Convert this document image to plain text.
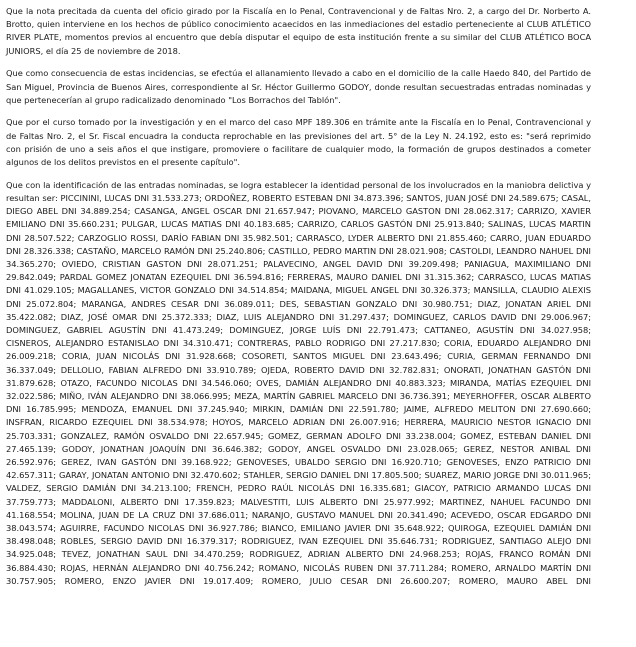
Que la nota precitada da cuenta del oficio girado por la Fiscalía en lo Penal, Contravencional y de Faltas Nro. 2, a cargo del Dr. Norberto A. Brotto, quien interviene en los hechos de público conocimiento acaecidos en las inmediaciones del estadio perteneciente al CLUB ATLÉTICO RIVER PLATE, momentos previos al encuentro que debía disputar el equipo de esta institución frente a su similar del CLUB ATLÉTICO BOCA JUNIORS, el día 25 de noviembre de 2018.

Que como consecuencia de estas incidencias, se efectúa el allanamiento llevado a cabo en el domicilio de la calle Haedo 840, del Partido de San Miguel, Provincia de Buenos Aires, correspondiente al Sr. Héctor Guillermo GODOY, donde resultan secuestradas entradas nominadas y que pertenecerían al grupo radicalizado denominado "Los Borrachos del Tablón".

Que por el curso tomado por la investigación y en el marco del caso MPF 189.306 en trámite ante la Fiscalía en lo Penal, Contravencional y de Faltas Nro. 2, el Sr. Fiscal encuadra la conducta reprochable en las previsiones del art. 5° de la Ley N. 24.192, esto es: "será reprimido con prisión de uno a seis años el que instigare, promoviere o facilitare de cualquier modo, la formación de grupos destinados a cometer algunos de los delitos previstos en el presente capítulo".

Que con la identificación de las entradas nominadas, se logra establecer la identidad personal de los involucrados en la maniobra delictiva y resultan ser: PICCININI, LUCAS DNI 31.533.273; ORDOÑEZ, ROBERTO ESTEBAN DNI 34.873.396; SANTOS, JUAN JOSÉ DNI 24.589.675; CASAL, DIEGO ABEL DNI 34.889.254; CASANGA, ANGEL OSCAR DNI 21.657.947; PIOVANO, MARCELO GASTON DNI 28.062.317; CARRIZO, XAVIER EMILIANO DNI 35.660.231; PULGAR, LUCAS MATIAS DNI 40.183.685; CARRIZO, CARLOS GASTÓN DNI 25.913.840; SALINAS, LUCAS MARTIN DNI 28.507.522; CARZOGLIO ROSSI, DARÍO FABIAN DNI 35.982.501; CARRASCO, LYDER ALBERTO DNI 21.855.460; CARRO, JUAN EDUARDO DNI 28.326.338; CASTAÑO, MARCELO RAMÓN DNI 25.240.806; CASTILLO, PEDRO MARTIN DNI 28.021.908; CASTOLDI, LEANDRO NAHUEL DNI 34.365.270; OVIEDO, CRISTIAN GASTON DNI 28.071.251; PALAVECINO, ANGEL DAVID DNI 39.209.498; PANIAGUA, MAXIMILIANO DNI 29.842.049; PARDAL GOMEZ JONATAN EZEQUIEL DNI 36.594.816; FERRERAS, MAURO DANIEL DNI 31.315.362; CARRASCO, LUCAS MATIAS DNI 41.029.105; MAGALLANES, VICTOR GONZALO DNI 34.514.854; MAIDANA, MIGUEL ANGEL DNI 30.326.373; MANSILLA, CLAUDIO ALEXIS DNI 25.072.804; MARANGA, ANDRES CESAR DNI 36.089.011; DES, SEBASTIAN GONZALO DNI 30.980.751; DIAZ, JONATAN ARIEL DNI 35.422.082; DIAZ, JOSÉ OMAR DNI 25.372.333; DIAZ, LUIS ALEJANDRO DNI 31.297.437; DOMINGUEZ, CARLOS DAVID DNI 29.006.967; DOMINGUEZ, GABRIEL AGUSTÍN DNI 41.473.249; DOMINGUEZ, JORGE LUÍS DNI 22.791.473; CATTANEO, AGUSTÍN DNI 34.027.958; CISNEROS, ALEJANDRO ESTANISLAO DNI 34.310.471; CONTRERAS, PABLO RODRIGO DNI 27.217.830; CORIA, EDUARDO ALEJANDRO DNI 26.009.218; CORIA, JUAN NICOLÁS DNI 31.928.668; COSORETI, SANTOS MIGUEL DNI 23.643.496; CURIA, GERMAN FERNANDO DNI 36.337.049; DELLOLIO, FABIAN ALFREDO DNI 33.910.789; OJEDA, ROBERTO DAVID DNI 32.782.831; ONORATI, JONATHAN GASTÓN DNI 31.879.628; OTAZO, FACUNDO NICOLAS DNI 34.546.060; OVES, DAMIÁN ALEJANDRO DNI 40.883.323; MIRANDA, MATÍAS EZEQUIEL DNI 32.022.586; MIÑO, IVÁN ALEJANDRO DNI 38.066.995; MEZA, MARTÍN GABRIEL MARCELO DNI 36.736.391; MEYERHOFFER, OSCAR ALBERTO DNI 16.785.995; MENDOZA, EMANUEL DNI 37.245.940; MIRKIN, DAMIÁN DNI 22.591.780; JAIME, ALFREDO MELITON DNI 27.690.660; INSFRAN, RICARDO EZEQUIEL DNI 38.534.978; HOYOS, MARCELO ADRIAN DNI 26.007.916; HERRERA, MAURICIO NESTOR IGNACIO DNI 25.703.331; GONZALEZ, RAMÓN OSVALDO DNI 22.657.945; GOMEZ, GERMAN ADOLFO DNI 33.238.004; GOMEZ, ESTEBAN DANIEL DNI 27.465.139; GODOY, JONATHAN JOAQUÍN DNI 36.646.382; GODOY, ANGEL OSVALDO DNI 23.028.065; GEREZ, NESTOR ANIBAL DNI 26.592.976; GEREZ, IVAN GASTÓN DNI 39.168.922; GENOVESES, UBALDO SERGIO DNI 16.920.710; GENOVESES, ENZO PATRICIO DNI 42.657.311; GARAY, JONATAN ANTONIO DNI 32.470.602; STAHLER, SERGIO DANIEL DNI 17.805.500; SUAREZ, MARIO JORGE DNI 30.011.965; VALDEZ, SERGIO DAMIÁN DNI 34.213.100; FRENCH, PEDRO RAÚL NICOLÁS DNI 16.335.681; GIACOY, PATRICIO ARMANDO LUCAS DNI 37.759.773; MADDALONI, ALBERTO DNI 17.359.823; MALVESTITI, LUIS ALBERTO DNI 25.977.992; MARTINEZ, NAHUEL FACUNDO DNI 41.168.554; MOLINA, JUAN DE LA CRUZ DNI 37.686.011; NARANJO, GUSTAVO MANUEL DNI 20.341.490; ACEVEDO, OSCAR EDGARDO DNI 38.043.574; AGUIRRE, FACUNDO NICOLAS DNI 36.927.786; BIANCO, EMILIANO JAVIER DNI 35.648.922; QUIROGA, EZEQUIEL DAMIÁN DNI 38.498.048; ROBLES, SERGIO DAVID DNI 16.379.317; RODRIGUEZ, IVAN EZEQUIEL DNI 35.646.731; RODRIGUEZ, SANTIAGO ALEJO DNI 34.925.048; TEVEZ, JONATHAN SAUL DNI 34.470.259; RODRIGUEZ, ADRIAN ALBERTO DNI 24.968.253; ROJAS, FRANCO ROMÁN DNI 36.884.430; ROJAS, HERNÁN ALEJANDRO DNI 40.756.242; ROMANO, NICOLÁS RUBEN DNI 37.711.284; ROMERO, ARNALDO MARTÍN DNI 30.757.905; ROMERO, ENZO JAVIER DNI 19.017.409; ROMERO, JULIO CESAR DNI 26.600.207; ROMERO, MAURO ABEL DNI
